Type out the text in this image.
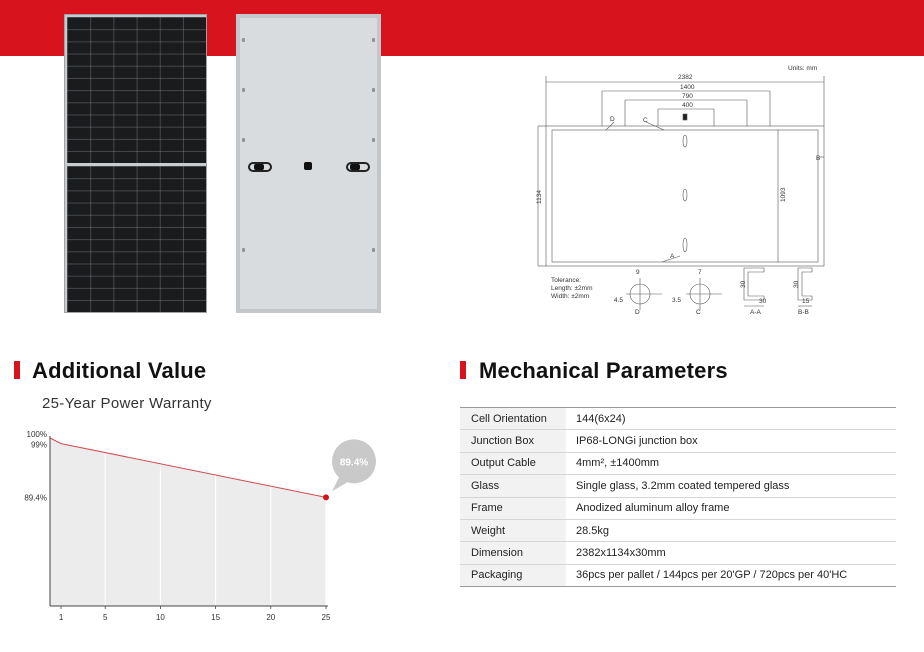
Units: mm
2382
1400
790
400
D	C
B
A
1134	1093
Tolerance:
Length: ±2mm
Width: ±2mm
9
4.5
D
7
3.5
C
30
30
A-A
30
15
B-B
Additional Value
25-Year Power Warranty
1	5	10	15	20	25
100%
99%
89.4%
89.4%
Mechanical Parameters
Cell Orientation	144(6x24)
Junction Box	IP68-LONGi junction box
Output Cable	4mm², ±1400mm
Glass	Single glass, 3.2mm coated tempered glass
Frame	Anodized aluminum alloy frame
Weight	28.5kg
Dimension	2382x1134x30mm
Packaging	36pcs per pallet / 144pcs per 20'GP / 720pcs per 40'HC
